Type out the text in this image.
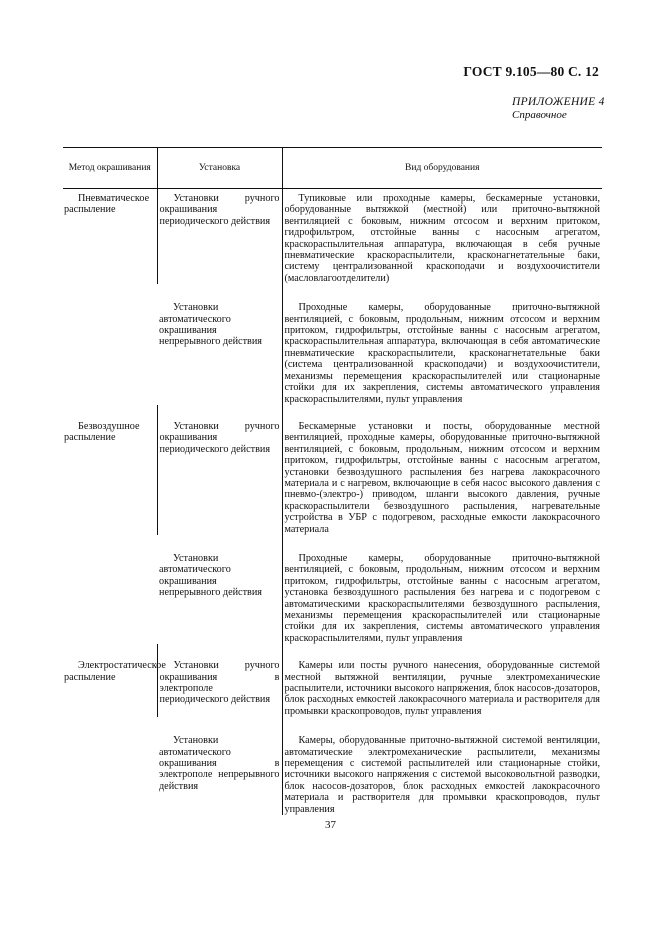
ГОСТ 9.105—80 С. 12
ПРИЛОЖЕНИЕ 4
Справочное
Метод окрашивания	Установка	Вид оборудования

Пневматическое распыление	Установки ручного окрашивания периодического действия	Тупиковые или проходные камеры, бескамерные установки, оборудованные вытяжкой (местной) или приточно-вытяжной вентиляцией с боковым, нижним отсосом и верхним притоком, гидрофильтром, отстойные ванны с насосным агрегатом, краскораспылительная аппаратура, включающая в себя ручные пневматические краскораспылители, красконагнетательные баки, систему централизованной краскоподачи и воздухоочистители (масловлагоотделители)

	Установки автоматического окрашивания непрерывного действия	Проходные камеры, оборудованные приточно-вытяжной вентиляцией, с боковым, продольным, нижним отсосом и верхним притоком, гидрофильтры, отстойные ванны с насосным агрегатом, краскораспылительная аппаратура, включающая в себя автоматические пневматические краскораспылители, красконагнетательные баки (система централизованной краскоподачи) и воздухоочистители, механизмы перемещения краскораспылителей или стационарные стойки для их закрепления, системы автоматического управления краскораспылителями, пульт управления

Безвоздушное распыление	Установки ручного окрашивания периодического действия	Бескамерные установки и посты, оборудованные местной вентиляцией, проходные камеры, оборудованные приточно-вытяжной вентиляцией, с боковым, продольным, нижним отсосом и верхним притоком, гидрофильтры, отстойные ванны с насосным агрегатом, установки безвоздушного распыления без нагрева лакокрасочного материала и с нагревом, включающие в себя насос высокого давления с пневмо-(электро-) приводом, шланги высокого давления, ручные краскораспылители безвоздушного распыления, нагревательные устройства в УБР с подогревом, расходные емкости лакокрасочного материала

	Установки автоматического окрашивания непрерывного действия	Проходные камеры, оборудованные приточно-вытяжной вентиляцией, с боковым, продольным, нижним отсосом и верхним притоком, гидрофильтры, отстойные ванны с насосным агрегатом, установка безвоздушного распыления без нагрева и с подогревом с автоматическими краскораспылителями безвоздушного распыления, механизмы перемещения краскораспылителей или стационарные стойки для их закрепления, системы автоматического управления краскораспылителями, пульт управления

Электростатическое распыление	Установки ручного окрашивания в электрополе периодического действия	Камеры или посты ручного нанесения, оборудованные системой местной вытяжной вентиляции, ручные электромеханические распылители, источники высокого напряжения, блок насосов-дозаторов, блок расходных емкостей лакокрасочного материала и растворителя для промывки краскопроводов, пульт управления

	Установки автоматического окрашивания в электрополе непрерывного действия	Камеры, оборудованные приточно-вытяжной системой вентиляции, автоматические электромеханические распылители, механизмы перемещения с системой распылителей или стационарные стойки, источники высокого напряжения с системой высоковольтной разводки, блок насосов-дозаторов, блок расходных емкостей лакокрасочного материала и растворителя для промывки краскопроводов, пульт управления
37
